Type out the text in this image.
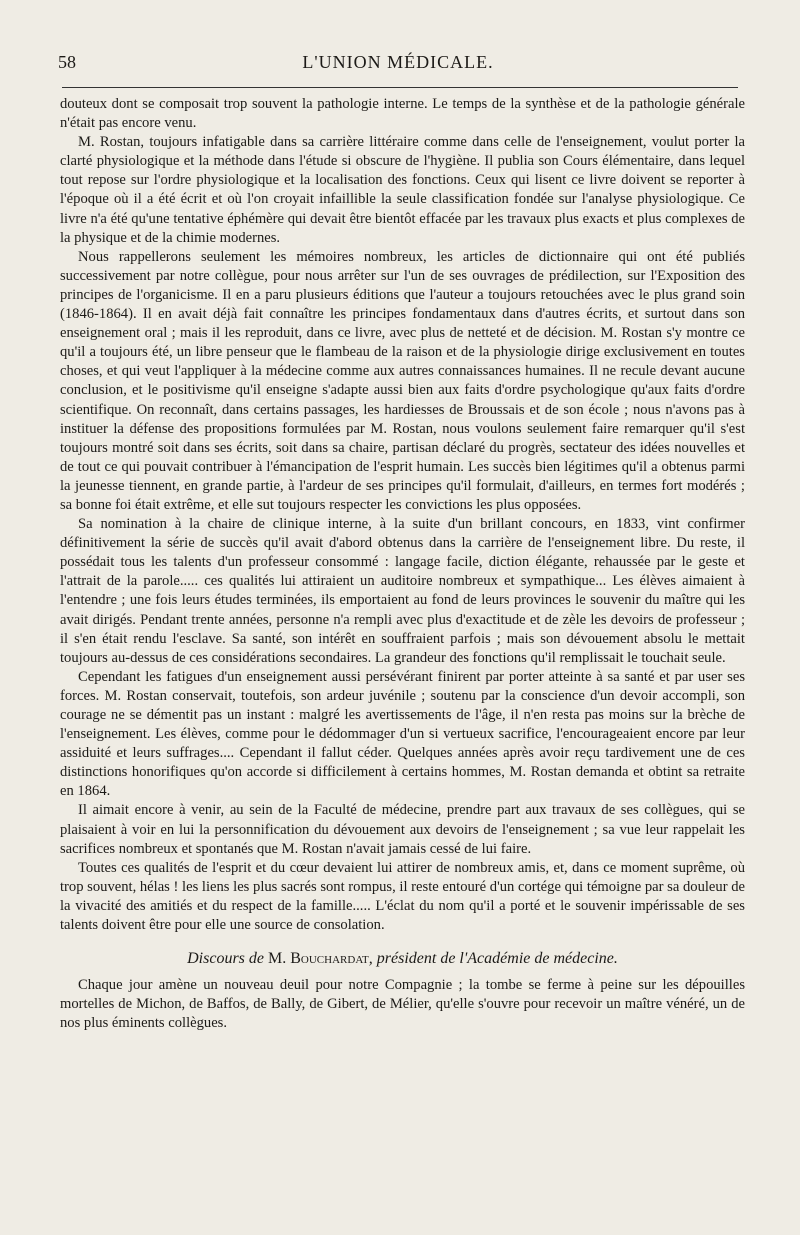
58	L'UNION MÉDICALE.

douteux dont se composait trop souvent la pathologie interne. Le temps de la synthèse et de la pathologie générale n'était pas encore venu.

M. Rostan, toujours infatigable dans sa carrière littéraire comme dans celle de l'enseignement, voulut porter la clarté physiologique et la méthode dans l'étude si obscure de l'hygiène. Il publia son Cours élémentaire, dans lequel tout repose sur l'ordre physiologique et la localisation des fonctions. Ceux qui lisent ce livre doivent se reporter à l'époque où il a été écrit et où l'on croyait infaillible la seule classification fondée sur l'analyse physiologique. Ce livre n'a été qu'une tentative éphémère qui devait être bientôt effacée par les travaux plus exacts et plus complexes de la physique et de la chimie modernes.

Nous rappellerons seulement les mémoires nombreux, les articles de dictionnaire qui ont été publiés successivement par notre collègue, pour nous arrêter sur l'un de ses ouvrages de prédilection, sur l'Exposition des principes de l'organicisme. Il en a paru plusieurs éditions que l'auteur a toujours retouchées avec le plus grand soin (1846-1864). Il en avait déjà fait connaître les principes fondamentaux dans d'autres écrits, et surtout dans son enseignement oral ; mais il les reproduit, dans ce livre, avec plus de netteté et de décision. M. Rostan s'y montre ce qu'il a toujours été, un libre penseur que le flambeau de la raison et de la physiologie dirige exclusivement en toutes choses, et qui veut l'appliquer à la médecine comme aux autres connaissances humaines. Il ne recule devant aucune conclusion, et le positivisme qu'il enseigne s'adapte aussi bien aux faits d'ordre psychologique qu'aux faits d'ordre scientifique. On reconnaît, dans certains passages, les hardiesses de Broussais et de son école ; nous n'avons pas à instituer la défense des propositions formulées par M. Rostan, nous voulons seulement faire remarquer qu'il s'est toujours montré soit dans ses écrits, soit dans sa chaire, partisan déclaré du progrès, sectateur des idées nouvelles et de tout ce qui pouvait contribuer à l'émancipation de l'esprit humain. Les succès bien légitimes qu'il a obtenus parmi la jeunesse tiennent, en grande partie, à l'ardeur de ses principes qu'il formulait, d'ailleurs, en termes fort modérés ; sa bonne foi était extrême, et elle sut toujours respecter les convictions les plus opposées.

Sa nomination à la chaire de clinique interne, à la suite d'un brillant concours, en 1833, vint confirmer définitivement la série de succès qu'il avait d'abord obtenus dans la carrière de l'enseignement libre. Du reste, il possédait tous les talents d'un professeur consommé : langage facile, diction élégante, rehaussée par le geste et l'attrait de la parole..... ces qualités lui attiraient un auditoire nombreux et sympathique... Les élèves aimaient à l'entendre ; une fois leurs études terminées, ils emportaient au fond de leurs provinces le souvenir du maître qui les avait dirigés. Pendant trente années, personne n'a rempli avec plus d'exactitude et de zèle les devoirs de professeur ; il s'en était rendu l'esclave. Sa santé, son intérêt en souffraient parfois ; mais son dévouement absolu le mettait toujours au-dessus de ces considérations secondaires. La grandeur des fonctions qu'il remplissait le touchait seule.

Cependant les fatigues d'un enseignement aussi persévérant finirent par porter atteinte à sa santé et par user ses forces. M. Rostan conservait, toutefois, son ardeur juvénile ; soutenu par la conscience d'un devoir accompli, son courage ne se démentit pas un instant : malgré les avertissements de l'âge, il n'en resta pas moins sur la brèche de l'enseignement. Les élèves, comme pour le dédommager d'un si vertueux sacrifice, l'encourageaient encore par leur assiduité et leurs suffrages.... Cependant il fallut céder. Quelques années après avoir reçu tardivement une de ces distinctions honorifiques qu'on accorde si difficilement à certains hommes, M. Rostan demanda et obtint sa retraite en 1864.

Il aimait encore à venir, au sein de la Faculté de médecine, prendre part aux travaux de ses collègues, qui se plaisaient à voir en lui la personnification du dévouement aux devoirs de l'enseignement ; sa vue leur rappelait les sacrifices nombreux et spontanés que M. Rostan n'avait jamais cessé de lui faire.

Toutes ces qualités de l'esprit et du cœur devaient lui attirer de nombreux amis, et, dans ce moment suprême, où trop souvent, hélas ! les liens les plus sacrés sont rompus, il reste entouré d'un cortége qui témoigne par sa douleur de la vivacité des amitiés et du respect de la famille..... L'éclat du nom qu'il a porté et le souvenir impérissable de ses talents doivent être pour elle une source de consolation.

Discours de M. Bouchardat, président de l'Académie de médecine.

Chaque jour amène un nouveau deuil pour notre Compagnie ; la tombe se ferme à peine sur les dépouilles mortelles de Michon, de Baffos, de Bally, de Gibert, de Mélier, qu'elle s'ouvre pour recevoir un maître vénéré, un de nos plus éminents collègues.
